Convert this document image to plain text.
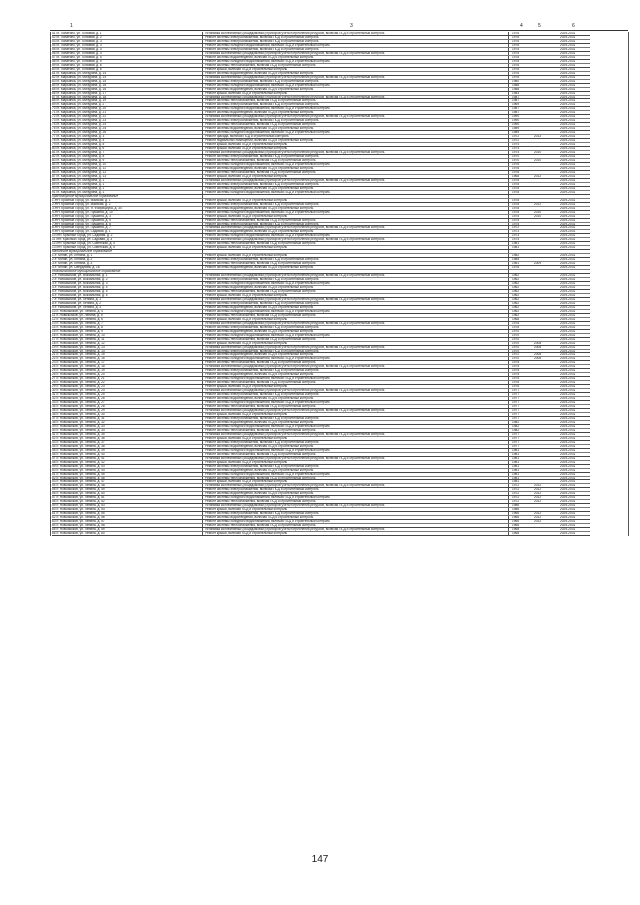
1	3	4	5	6
51 /п. Лопатино, ул. Поповая, д. 1	Установка коллективных (общедомовых) приборов учета потребления ресурсов, включая ПСД и строительный контроль	1976	2029-2031
52 /п. Лопатино, ул. Поповая, д. 2	Ремонт системы электроснабжения, включая ПСД и строительный контроль	1976	2029-2031
53 /п. Лопатино, ул. Поповая, д. 3	Ремонт системы электроснабжения, включая ПСД и строительный контроль	1976	2029-2031
54 /п. Лопатино, ул. Поповая, д. 3	Ремонт системы холодного водоснабжения, включая ПСД и строительный контроль	1976	2029-2031
55 /п. Лопатино, ул. Поповая, д. 4	Ремонт системы электроснабжения, включая ПСД и строительный контроль	1975	2029-2031
56 /п. Лопатино, ул. Поповая, д. 4	Установка коллективных (общедомовых) приборов учета потребления ресурсов, включая ПСД и строительный контроль	1975	2029-2031
57 /п. Лопатино, ул. Поповая, д. 5	Ремонт системы водоотведения, включая ПСД и строительный контроль	1978	2029-2031
58 /п. Лопатино, ул. Поповая, д. 5	Ремонт системы холодного водоснабжения, включая ПСД и строительный контроль	1978	2029-2031
59 /п. Лопатино, ул. Поповая, д. 6	Ремонт системы теплоснабжения, включая ПСД и строительный контроль	1976	2029-2031
60 /п. Лопатино, ул. Поповая, д. 6	Ремонт крыши, включая ПСД и строительный контроль	1976	2029-2031
61 /п. Марьинка, ул. Мичурина, д. 14	Ремонт системы водоотведения, включая ПСД и строительный контроль	1976	2029-2031
62 /п. Марьинка, ул. Мичурина, д. 14	Установка коллективных (общедомовых) приборов учета потребления ресурсов, включая ПСД и строительный контроль	1976	2029-2031
63 /п. Марьинка, ул. Мичурина, д. 15	Ремонт системы электроснабжения, включая ПСД и строительный контроль	1980	2029-2031
64 /п. Марьинка, ул. Мичурина, д. 16	Ремонт системы холодного водоснабжения, включая ПСД и строительный контроль	1988	2029-2031
65 /п. Марьинка, ул. Мичурина, д. 16	Ремонт системы водоотведения, включая ПСД и строительный контроль	1988	2029-2031
66 /п. Марьинка, ул. Мичурина, д. 17	Ремонт крыши, включая ПСД и строительный контроль	1983	2029-2031
67 /п. Марьинка, ул. Мичурина, д. 18	Установка коллективных (общедомовых) приборов учета потребления ресурсов, включая ПСД и строительный контроль	1987	2029-2031
68 /п. Марьинка, ул. Мичурина, д. 19	Ремонт системы теплоснабжения, включая ПСД и строительный контроль	1987	2029-2031
69 /п. Марьинка, ул. Мичурина, д. 2	Ремонт системы электроснабжения, включая ПСД и строительный контроль	1969	2029-2031
70 /п. Марьинка, ул. Мичурина, д. 20	Ремонт системы холодного водоснабжения, включая ПСД и строительный контроль	1987	2029-2031
71 /п. Марьинка, ул. Мичурина, д. 21	Ремонт системы водоотведения, включая ПСД и строительный контроль	1987	2029-2031
72 /п. Марьинка, ул. Мичурина, д. 22	Установка коллективных (общедомовых) приборов учета потребления ресурсов, включая ПСД и строительный контроль	1990	2029-2031
73 /п. Марьинка, ул. Мичурина, д. 23	Ремонт системы электроснабжения, включая ПСД и строительный контроль	1990	2029-2031
74 /п. Марьинка, ул. Мичурина, д. 24	Ремонт системы теплоснабжения, включая ПСД и строительный контроль	1990	2029-2031
75 /п. Марьинка, ул. Мичурина, д. 25	Ремонт системы водоотведения, включая ПСД и строительный контроль	1989	2029-2031
76 /п. Марьинка, ул. Мичурина, д. 26	Ремонт системы холодного водоснабжения, включая ПСД и строительный контроль	1989	2029-2031
77 /п. Марьинка, ул. Мичурина, д. 3	Ремонт фасада, включая ПСД и строительный контроль	1972	2013	2029-2031
78 /п. Марьинка, ул. Мичурина, д. 4	Ремонт подвальных помещений, включая ПСД и строительный контроль	1972	2029-2031
79 /п. Марьинка, ул. Мичурина, д. 5	Ремонт крыши, включая ПСД и строительный контроль	1974	2029-2031
80 /п. Марьинка, ул. Мичурина, д. 6	Ремонт крыши, включая ПСД и строительный контроль	1974	2029-2031
81 /п. Марьинка, ул. Мичурина, д. 7	Установка коллективных (общедомовых) приборов учета потребления ресурсов, включая ПСД и строительный контроль	1974	2010	2029-2031
82 /п. Марьинка, ул. Мичурина, д. 8	Ремонт системы электроснабжения, включая ПСД и строительный контроль	1970	2029-2031
83 /п. Марьинка, ул. Мичурина, д. 9	Ремонт системы теплоснабжения, включая ПСД и строительный контроль	1970	2010	2029-2031
84 /п. Марьинка, ул. Мичурина, д. 10	Ремонт системы холодного водоснабжения, включая ПСД и строительный контроль	1976	2029-2031
85 /п. Марьинка, ул. Мичурина, д. 11	Ремонт системы водоотведения, включая ПСД и строительный контроль	1976	2029-2031
86 /п. Марьинка, ул. Мичурина, д. 12	Ремонт системы теплоснабжения, включая ПСД и строительный контроль	1976	2029-2031
87 /п. Марьинка, ул. Мичурина, д. 13	Ремонт крыши, включая ПСД и строительный контроль	1968	2012	2029-2031
88 /п. Марьинка, ул. Мичурина, д. 1	Установка коллективных (общедомовых) приборов учета потребления ресурсов, включая ПСД и строительный контроль	1978	2029-2031
89 /п. Марьинка, ул. Мичурина, д. 1	Ремонт системы электроснабжения, включая ПСД и строительный контроль	1978	2029-2031
90 /п. Марьинка, ул. Мичурина, д. 1	Ремонт системы водоотведения, включая ПСД и строительный контроль	1978	2029-2031
91 /п. Марьинка, ул. Мичурина, д. 1	Ремонт системы холодного водоснабжения, включая ПСД и строительный контроль	1978	2029-2031
Красногорское муниципальное образование
1 /пгт. Красный Город, ул. Майская, д. 1	Ремонт крыши, включая ПСД и строительный контроль	1978	2029-2031
2 /пгт. Красный Город, ул. Майская, д. 2	Ремонт системы электроснабжения, включая ПСД и строительный контроль	1978	2012	2029-2031
3 /пгт. Красный Город, ул. Я. Фабрициуса, д. 34	Ремонт системы водоотведения, включая ПСД и строительный контроль	1978	2029-2031
4 /пгт. Красный Город, ул. Пушкина, д. 10	Ремонт системы холодного водоснабжения, включая ПСД и строительный контроль	1978	2010	2029-2031
5 /пгт. Красный Город, ул. Пушкина, д. 3	Ремонт крыши, включая ПСД и строительный контроль	1975	2010	2029-2031
6 /пгт. Красный Город, ул. Пушкина, д. 5	Ремонт системы теплоснабжения, включая ПСД и строительный контроль	1975	2029-2031
7 /пгт. Красный Город, ул. Пушкина, д. 6	Ремонт системы электроснабжения, включая ПСД и строительный контроль	1975	2029-2031
8 /пгт. Красный Город, ул. Пушкина, д. 7	Установка коллективных (общедомовых) приборов учета потребления ресурсов, включая ПСД и строительный контроль	1972	2029-2031
9 /пгт. Красный Город, ул. Садовая, д. 1	Ремонт системы водоотведения, включая ПСД и строительный контроль	1973	2029-2031
10 /пгт. Красный Город, ул. Садовая, д. 2	Ремонт системы холодного водоснабжения, включая ПСД и строительный контроль	1973	2029-2031
11 /пгт. Красный Город, ул. Садовая, д. 3	Установка коллективных (общедомовых) приборов учета потребления ресурсов, включая ПСД и строительный контроль	1974	2029-2031
12 /пгт. Красный Город, ул. Советская, д. 4	Ремонт системы теплоснабжения, включая ПСД и строительный контроль	1981	2029-2031
13 /пгт. Красный Город, ул. Советская, д. 5	Ремонт крыши, включая ПСД и строительный контроль	1981	2029-2031
Мглинское муниципальное образование
1 /г. Мглин, ул. Ленина, д. 1	Ремонт крыши, включая ПСД и строительный контроль	1982	2029-2031
2 /г. Мглин, ул. Ленина, д. 2	Ремонт системы электроснабжения, включая ПСД и строительный контроль	1985	2029-2031
3 /г. Мглин, ул. Ленина, д. 3	Ремонт системы теплоснабжения, включая ПСД и строительный контроль	1961	2009	2029-2031
4 /г. Мглин, ул. Свердлова, д. 18	Ремонт системы водоотведения, включая ПСД и строительный контроль	1978	2029-2031
Новозыбковское муниципальное образование
1 /г. Новозыбков, ул. Вокзальная, д. 1	Установка коллективных (общедомовых) приборов учета потребления ресурсов, включая ПСД и строительный контроль	1962	2029-2031
2 /г. Новозыбков, ул. Вокзальная, д. 2	Ремонт системы электроснабжения, включая ПСД и строительный контроль	1962	2029-2031
3 /г. Новозыбков, ул. Вокзальная, д. 3	Ремонт системы холодного водоснабжения, включая ПСД и строительный контроль	1962	2029-2031
4 /г. Новозыбков, ул. Вокзальная, д. 4	Ремонт системы водоотведения, включая ПСД и строительный контроль	1962	2029-2031
5 /г. Новозыбков, ул. Вокзальная, д. 5	Ремонт системы теплоснабжения, включая ПСД и строительный контроль	1962	2029-2031
6 /г. Новозыбков, ул. Вокзальная, д. 6	Ремонт крыши, включая ПСД и строительный контроль	1962	2029-2031
7 /г. Новозыбков, ул. Ленина, д. 1	Установка коллективных (общедомовых) приборов учета потребления ресурсов, включая ПСД и строительный контроль	1962	2029-2031
8 /г. Новозыбков, ул. Ленина, д. 2	Ремонт системы электроснабжения, включая ПСД и строительный контроль	1962	2029-2031
9 /г. Новозыбков, ул. Ленина, д. 3	Ремонт системы водоотведения, включая ПСД и строительный контроль	1962	2029-2031
10 /г. Новозыбков, ул. Ленина, д. 4	Ремонт системы холодного водоснабжения, включая ПСД и строительный контроль	1962	2029-2031
11 /г. Новозыбков, ул. Ленина, д. 5	Ремонт системы теплоснабжения, включая ПСД и строительный контроль	1962	2029-2031
12 /г. Новозыбков, ул. Ленина, д. 6	Ремонт крыши, включая ПСД и строительный контроль	1968	2029-2031
13 /г. Новозыбков, ул. Ленина, д. 7	Установка коллективных (общедомовых) приборов учета потребления ресурсов, включая ПСД и строительный контроль	1978	2029-2031
14 /г. Новозыбков, ул. Ленина, д. 8	Ремонт системы электроснабжения, включая ПСД и строительный контроль	1978	2029-2031
15 /г. Новозыбков, ул. Ленина, д. 9	Ремонт системы водоотведения, включая ПСД и строительный контроль	1970	2029-2031
16 /г. Новозыбков, ул. Ленина, д. 10	Ремонт системы холодного водоснабжения, включая ПСД и строительный контроль	1970	2029-2031
17 /г. Новозыбков, ул. Ленина, д. 11	Ремонт системы теплоснабжения, включая ПСД и строительный контроль	1970	2029-2031
18 /г. Новозыбков, ул. Ленина, д. 12	Ремонт крыши, включая ПСД и строительный контроль	1970	2008	2029-2031
19 /г. Новозыбков, ул. Ленина, д. 13	Установка коллективных (общедомовых) приборов учета потребления ресурсов, включая ПСД и строительный контроль	1970	2008	2029-2031
20 /г. Новозыбков, ул. Ленина, д. 14	Ремонт системы электроснабжения, включая ПСД и строительный контроль	1970	2029-2031
21 /г. Новозыбков, ул. Ленина, д. 15	Ремонт системы водоотведения, включая ПСД и строительный контроль	1972	2008	2029-2031
22 /г. Новозыбков, ул. Ленина, д. 16	Ремонт системы холодного водоснабжения, включая ПСД и строительный контроль	1970	2008	2029-2031
23 /г. Новозыбков, ул. Ленина, д. 17	Ремонт системы теплоснабжения, включая ПСД и строительный контроль	1975	2029-2031
24 /г. Новозыбков, ул. Ленина, д. 18	Установка коллективных (общедомовых) приборов учета потребления ресурсов, включая ПСД и строительный контроль	1975	2029-2031
25 /г. Новозыбков, ул. Ленина, д. 19	Ремонт системы электроснабжения, включая ПСД и строительный контроль	1975	2029-2031
26 /г. Новозыбков, ул. Ленина, д. 20	Ремонт системы водоотведения, включая ПСД и строительный контроль	1975	2029-2031
27 /г. Новозыбков, ул. Ленина, д. 21	Ремонт системы холодного водоснабжения, включая ПСД и строительный контроль	1975	2029-2031
28 /г. Новозыбков, ул. Ленина, д. 22	Ремонт системы теплоснабжения, включая ПСД и строительный контроль	1976	2029-2031
29 /г. Новозыбков, ул. Ленина, д. 23	Ремонт крыши, включая ПСД и строительный контроль	1976	2029-2031
30 /г. Новозыбков, ул. Ленина, д. 24	Установка коллективных (общедомовых) приборов учета потребления ресурсов, включая ПСД и строительный контроль	1977	2029-2031
31 /г. Новозыбков, ул. Ленина, д. 25	Ремонт системы электроснабжения, включая ПСД и строительный контроль	1977	2029-2031
32 /г. Новозыбков, ул. Ленина, д. 26	Ремонт системы водоотведения, включая ПСД и строительный контроль	1977	2029-2031
33 /г. Новозыбков, ул. Ленина, д. 27	Ремонт системы холодного водоснабжения, включая ПСД и строительный контроль	1977	2029-2031
34 /г. Новозыбков, ул. Ленина, д. 28	Ремонт системы теплоснабжения, включая ПСД и строительный контроль	1977	2029-2031
35 /г. Новозыбков, ул. Ленина, д. 29	Установка коллективных (общедомовых) приборов учета потребления ресурсов, включая ПСД и строительный контроль	1977	2029-2031
36 /г. Новозыбков, ул. Ленина, д. 30	Ремонт крыши, включая ПСД и строительный контроль	1977	2029-2031
37 /г. Новозыбков, ул. Ленина, д. 31	Ремонт системы электроснабжения, включая ПСД и строительный контроль	1977	2029-2031
38 /г. Новозыбков, ул. Ленина, д. 32	Ремонт системы водоотведения, включая ПСД и строительный контроль	1982	2029-2031
39 /г. Новозыбков, ул. Ленина, д. 33	Ремонт системы холодного водоснабжения, включая ПСД и строительный контроль	1982	2029-2031
40 /г. Новозыбков, ул. Ленина, д. 34	Ремонт системы теплоснабжения, включая ПСД и строительный контроль	1982	2029-2031
41 /г. Новозыбков, ул. Ленина, д. 35	Установка коллективных (общедомовых) приборов учета потребления ресурсов, включая ПСД и строительный контроль	1977	2029-2031
42 /г. Новозыбков, ул. Ленина, д. 36	Ремонт крыши, включая ПСД и строительный контроль	1977	2029-2031
43 /г. Новозыбков, ул. Ленина, д. 37	Ремонт системы электроснабжения, включая ПСД и строительный контроль	1977	2029-2031
44 /г. Новозыбков, ул. Ленина, д. 38	Ремонт системы водоотведения, включая ПСД и строительный контроль	1977	2029-2031
45 /г. Новозыбков, ул. Ленина, д. 39	Ремонт системы холодного водоснабжения, включая ПСД и строительный контроль	1981	2029-2031
46 /г. Новозыбков, ул. Ленина, д. 40	Ремонт системы теплоснабжения, включая ПСД и строительный контроль	1981	2029-2031
47 /г. Новозыбков, ул. Ленина, д. 41	Установка коллективных (общедомовых) приборов учета потребления ресурсов, включая ПСД и строительный контроль	1981	2029-2031
48 /г. Новозыбков, ул. Ленина, д. 42	Ремонт крыши, включая ПСД и строительный контроль	1981	2029-2031
49 /г. Новозыбков, ул. Ленина, д. 43	Ремонт системы электроснабжения, включая ПСД и строительный контроль	1981	2029-2031
50 /г. Новозыбков, ул. Ленина, д. 44	Ремонт системы водоотведения, включая ПСД и строительный контроль	1981	2029-2031
51 /г. Новозыбков, ул. Ленина, д. 45	Ремонт системы холодного водоснабжения, включая ПСД и строительный контроль	1981	2029-2031
52 /г. Новозыбков, ул. Ленина, д. 46	Ремонт системы теплоснабжения, включая ПСД и строительный контроль	1981	2029-2031
53 /г. Новозыбков, ул. Ленина, д. 47	Ремонт крыши, включая ПСД и строительный контроль	1981	2029-2031
54 /г. Новозыбков, ул. Ленина, д. 48	Установка коллективных (общедомовых) приборов учета потребления ресурсов, включая ПСД и строительный контроль	1972	2012	2029-2031
55 /г. Новозыбков, ул. Ленина, д. 49	Ремонт системы электроснабжения, включая ПСД и строительный контроль	1972	2012	2029-2031
56 /г. Новозыбков, ул. Ленина, д. 50	Ремонт системы водоотведения, включая ПСД и строительный контроль	1972	2012	2029-2031
57 /г. Новозыбков, ул. Ленина, д. 51	Ремонт системы холодного водоснабжения, включая ПСД и строительный контроль	1972	2012	2029-2031
58 /г. Новозыбков, ул. Ленина, д. 52	Ремонт системы теплоснабжения, включая ПСД и строительный контроль	1972	2012	2029-2031
59 /г. Новозыбков, ул. Ленина, д. 53	Установка коллективных (общедомовых) приборов учета потребления ресурсов, включая ПСД и строительный контроль	1986	2029-2031
60 /г. Новозыбков, ул. Ленина, д. 54	Ремонт крыши, включая ПСД и строительный контроль	1986	2029-2031
61 /г. Новозыбков, ул. Ленина, д. 55	Ремонт системы электроснабжения, включая ПСД и строительный контроль	1966	2012	2029-2031
62 /г. Новозыбков, ул. Ленина, д. 56	Ремонт системы водоотведения, включая ПСД и строительный контроль	1966	2012	2029-2031
63 /г. Новозыбков, ул. Ленина, д. 57	Ремонт системы холодного водоснабжения, включая ПСД и строительный контроль	1966	2012	2029-2031
64 /г. Новозыбков, ул. Ленина, д. 58	Ремонт системы теплоснабжения, включая ПСД и строительный контроль	1966	2029-2031
65 /г. Новозыбков, ул. Ленина, д. 59	Установка коллективных (общедомовых) приборов учета потребления ресурсов, включая ПСД и строительный контроль	1968	2029-2031
66 /г. Новозыбков, ул. Ленина, д. 60	Ремонт крыши, включая ПСД и строительный контроль	1968	2029-2031
147
